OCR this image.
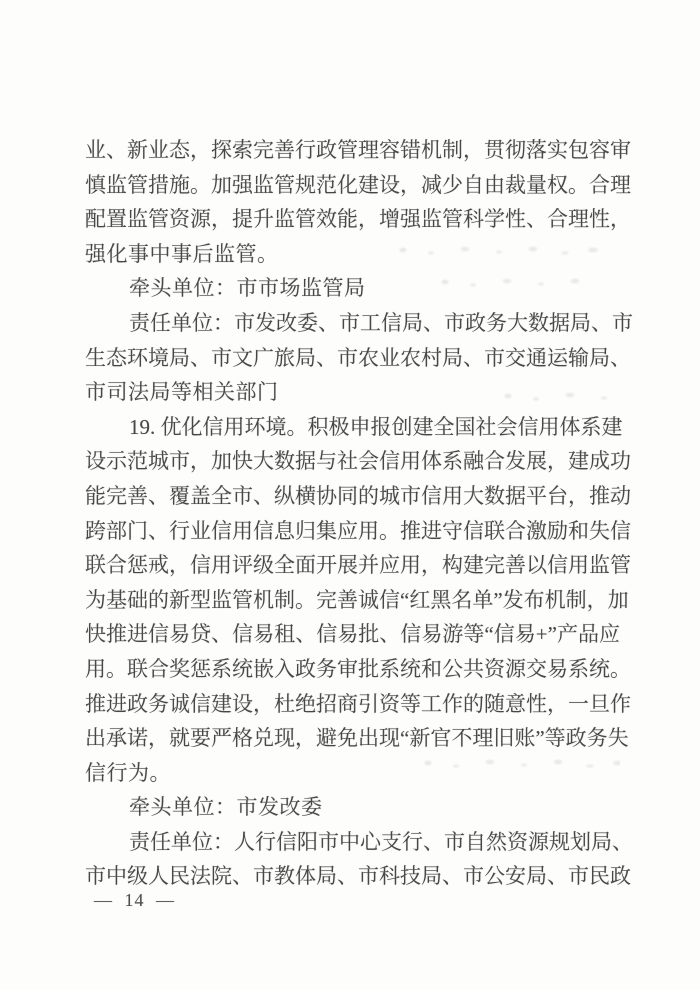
业、新业态，探索完善行政管理容错机制，贯彻落实包容审
慎监管措施。加强监管规范化建设，减少自由裁量权。合理
配置监管资源，提升监管效能，增强监管科学性、合理性，
强化事中事后监管。
牵头单位：市市场监管局
责任单位：市发改委、市工信局、市政务大数据局、市
生态环境局、市文广旅局、市农业农村局、市交通运输局、
市司法局等相关部门
19. 优化信用环境。积极申报创建全国社会信用体系建
设示范城市，加快大数据与社会信用体系融合发展，建成功
能完善、覆盖全市、纵横协同的城市信用大数据平台，推动
跨部门、行业信用信息归集应用。推进守信联合激励和失信
联合惩戒，信用评级全面开展并应用，构建完善以信用监管
为基础的新型监管机制。完善诚信“红黑名单”发布机制，加
快推进信易贷、信易租、信易批、信易游等“信易+”产品应
用。联合奖惩系统嵌入政务审批系统和公共资源交易系统。
推进政务诚信建设，杜绝招商引资等工作的随意性，一旦作
出承诺，就要严格兑现，避免出现“新官不理旧账”等政务失
信行为。
牵头单位：市发改委
责任单位：人行信阳市中心支行、市自然资源规划局、
市中级人民法院、市教体局、市科技局、市公安局、市民政
— 14 —
